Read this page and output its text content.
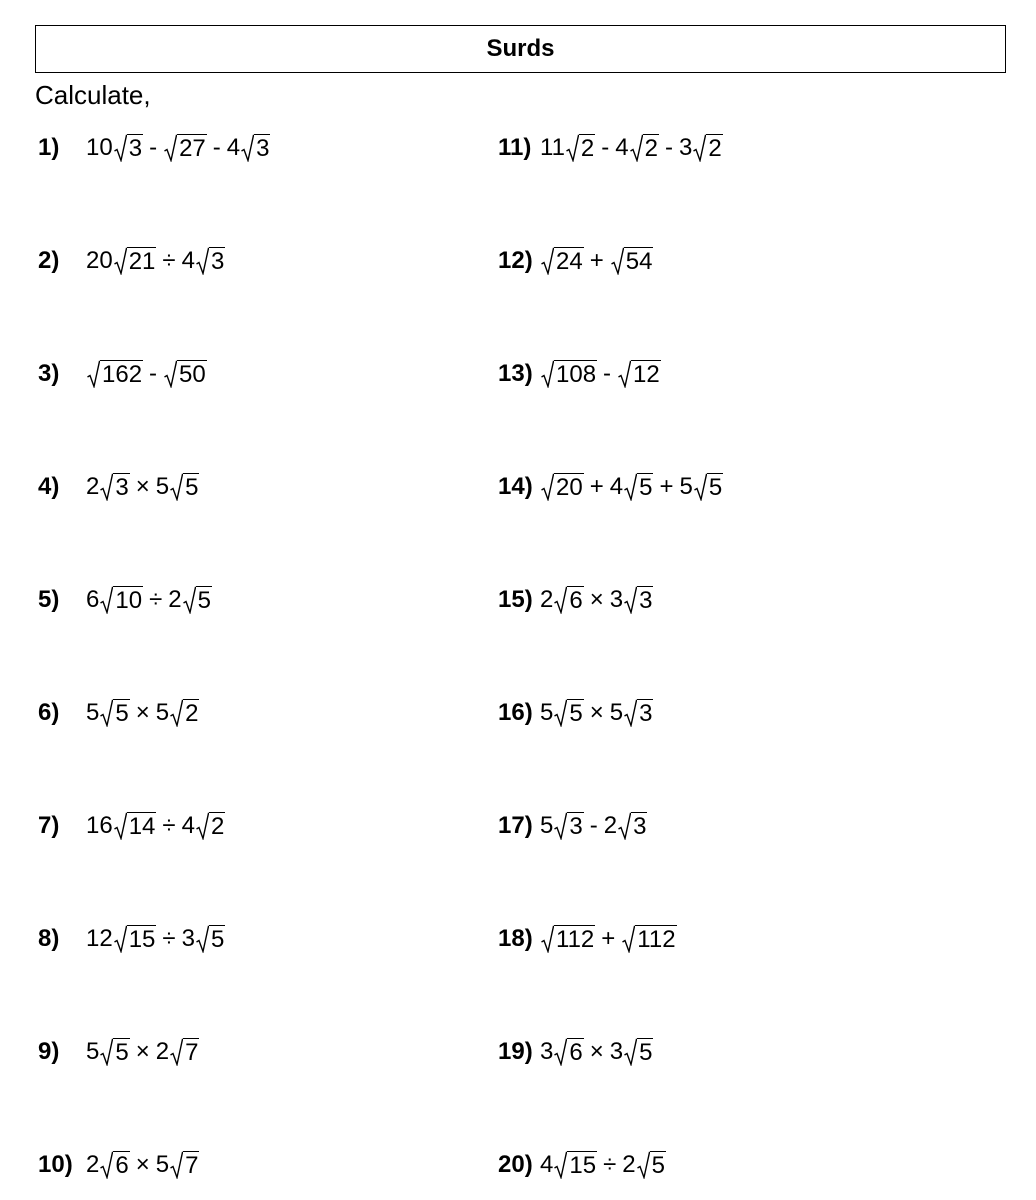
Surds
Calculate,
1)	10 3 - 27 - 4 3
2)	20 21 ÷ 4 3
3)	162 - 50
4)	2 3 × 5 5
5)	6 10 ÷ 2 5
6)	5 5 × 5 2
7)	16 14 ÷ 4 2
8)	12 15 ÷ 3 5
9)	5 5 × 2 7
10) 2 6 × 5 7
11) 11 2 - 4 2 - 3 2
12) 24 + 54
13) 108 - 12
14) 20 + 4 5 + 5 5
15) 2 6 × 3 3
16) 5 5 × 5 3
17) 5 3 - 2 3
18) 112 + 112
19) 3 6 × 3 5
20) 4 15 ÷ 2 5
